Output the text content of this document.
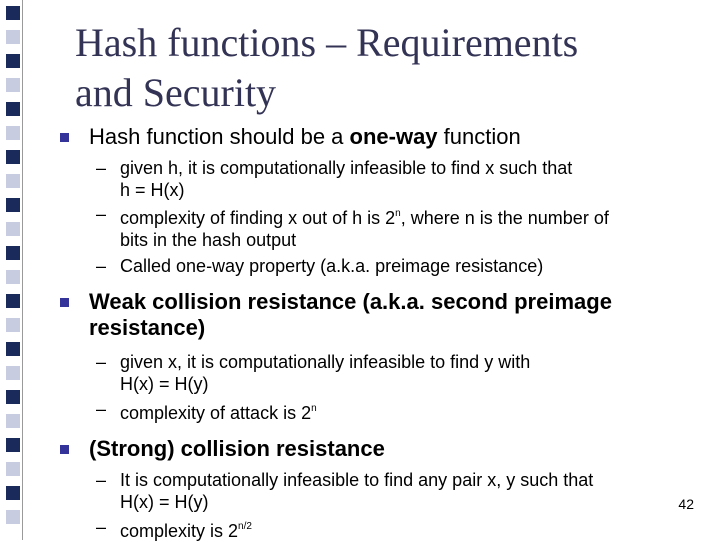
Hash functions – Requirements
and Security
Hash function should be a one-way function
– given h, it is computationally infeasible to find x such that
h = H(x)
– complexity of finding x out of h is 2$^n$, where n is the number of
bits in the hash output
– Called one-way property (a.k.a. preimage resistance)
Weak collision resistance (a.k.a. second preimage
resistance)
– given x, it is computationally infeasible to find y with
H(x) = H(y)
– complexity of attack is 2$^n$
(Strong) collision resistance
– It is computationally infeasible to find any pair x, y such that
H(x) = H(y)
– complexity is $2^{n/2}$
42
